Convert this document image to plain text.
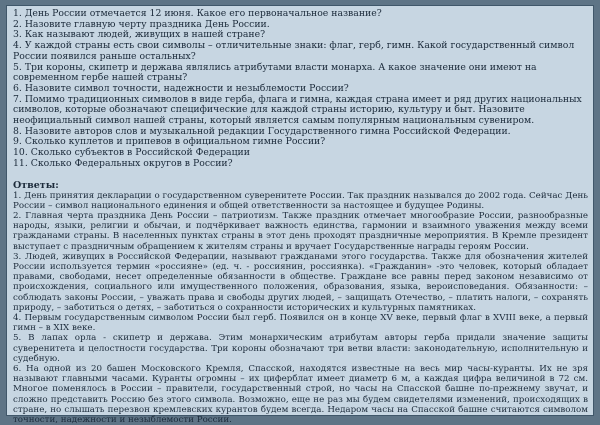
1. День России отмечается 12 июня. Какое его первоначальное название?
2. Назовите главную черту праздника День России.
3. Как называют людей, живущих в нашей стране?
4. У каждой страны есть свои символы – отличительные знаки: флаг, герб, гимн. Какой государственный символ России появился раньше остальных?
5. Три короны, скипетр и держава являлись атрибутами власти монарха. А какое значение они имеют на современном гербе нашей страны?
6. Назовите символ точности, надежности и незыблемости России?
7. Помимо традиционных символов в виде герба, флага и гимна, каждая страна имеет и ряд других национальных символов, которые обозначают специфические для каждой страны историю, культуру и быт. Назовите неофициальный символ нашей страны, который является самым популярным национальным сувениром.
8. Назовите авторов слов и музыкальной редакции Государственного гимна Российской Федерации.
9. Сколько куплетов и припевов в официальном гимне России?
10. Сколько субъектов в Российской Федерации
11. Сколько Федеральных округов в России?

Ответы:

1. День принятия декларации о государственном суверенитете России. Так праздник назывался до 2002 года. Сейчас День России – символ национального единения и общей ответственности за настоящее и будущее Родины.
2. Главная черта праздника День России – патриотизм. Также праздник отмечает многообразие России, разнообразные народы, языки, религии и обычаи, и подчёркивает важность единства, гармонии и взаимного уважения между всеми гражданами страны. В населенных пунктах страны в этот день проходят праздничные мероприятия. В Кремле президент выступает с праздничным обращением к жителям страны и вручает Государственные награды героям России.
3. Людей, живущих в Российской Федерации, называют гражданами этого государства. Также для обозначения жителей России используется термин «россияне» (ед. ч. - россиянин, россиянка). «Гражданин» -это человек, который обладает правами, свободами, несет определенные обязанности в обществе. Граждане все равны перед законом независимо от происхождения, социального или имущественного положения, образования, языка, вероисповедания. Обязанности: – соблюдать законы России, – уважать права и свободы других людей, – защищать Отечество, – платить налоги, – сохранять природу, – заботиться о детях, – заботиться о сохранности исторических и культурных памятниках.
4. Первым государственным символом России был герб. Появился он в конце XV веке, первый флаг в XVIII веке, а первый гимн – в XIX веке.
5. В лапах орла - скипетр и держава. Этим монархическим атрибутам авторы герба придали значение защиты суверенитета и целостности государства. Три короны обозначают три ветви власти: законодательную, исполнительную и судебную.
6. На одной из 20 башен Московского Кремля, Спасской, находятся известные на весь мир часы-куранты. Их не зря называют главными часами. Куранты огромны – их циферблат имеет диаметр 6 м, а каждая цифра величиной в 72 см. Многое поменялось в России – правители, государственный строй, но часы на Спасской башне по-прежнему звучат, и сложно представить Россию без этого символа. Возможно, еще не раз мы будем свидетелями изменений, происходящих в стране, но слышать перезвон кремлевских курантов будем всегда. Недаром часы на Спасской башне считаются символом точности, надежности и незыблемости России.
